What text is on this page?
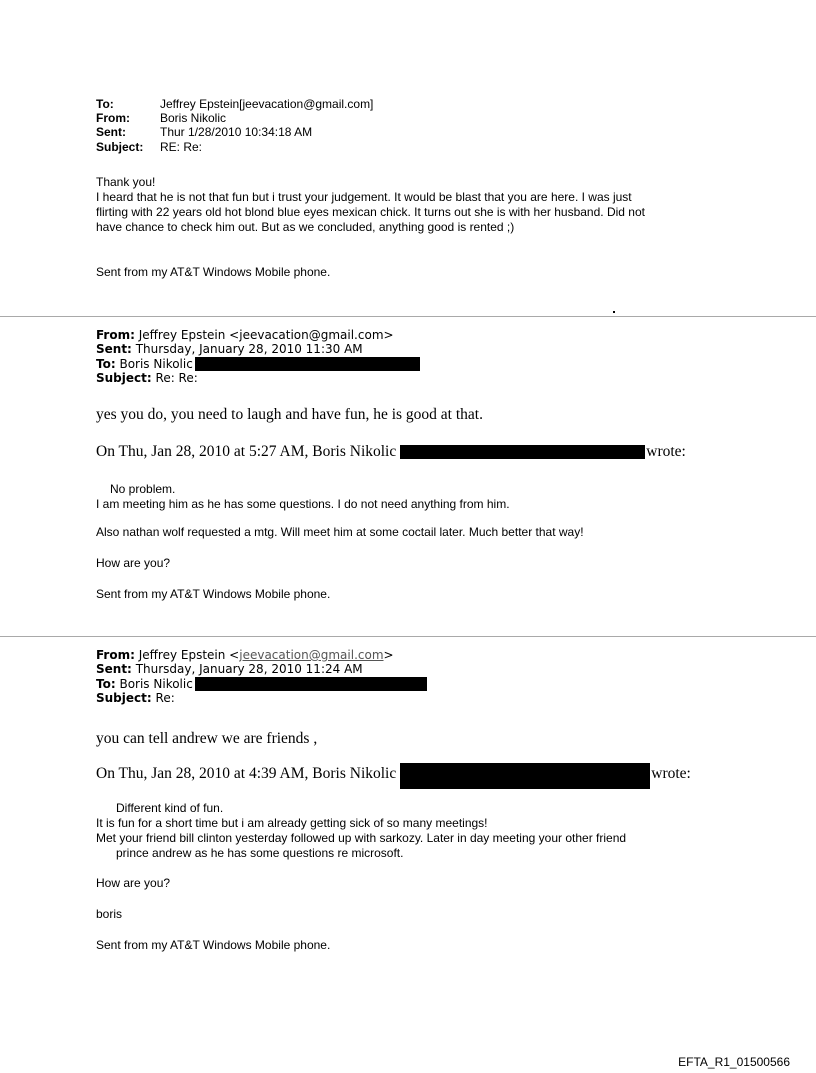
To:	Jeffrey Epstein[jeevacation@gmail.com]
From:	Boris Nikolic
Sent:	Thur 1/28/2010 10:34:18 AM
Subject:	RE: Re:
Thank you!
I heard that he is not that fun but i trust your judgement. It would be blast that you are here. I was just
flirting with 22 years old hot blond blue eyes mexican chick. It turns out she is with her husband. Did not
have chance to check him out. But as we concluded, anything good is rented ;)
Sent from my AT&T Windows Mobile phone.
From: Jeffrey Epstein <jeevacation@gmail.com>
Sent: Thursday, January 28, 2010 11:30 AM
To: Boris Nikolic
Subject: Re: Re:
yes you do, you need to laugh and have fun, he is good at that.
On Thu, Jan 28, 2010 at 5:27 AM, Boris Nikolic	wrote:
No problem.
I am meeting him as he has some questions. I do not need anything from him.
Also nathan wolf requested a mtg. Will meet him at some coctail later. Much better that way!
How are you?
Sent from my AT&T Windows Mobile phone.
From: Jeffrey Epstein <jeevacation@gmail.com>
Sent: Thursday, January 28, 2010 11:24 AM
To: Boris Nikolic
Subject: Re:
you can tell andrew we are friends ,
On Thu, Jan 28, 2010 at 4:39 AM, Boris Nikolic	wrote:
Different kind of fun.
It is fun for a short time but i am already getting sick of so many meetings!
Met your friend bill clinton yesterday followed up with sarkozy. Later in day meeting your other friend
prince andrew as he has some questions re microsoft.
How are you?
boris
Sent from my AT&T Windows Mobile phone.
EFTA_R1_01500566
